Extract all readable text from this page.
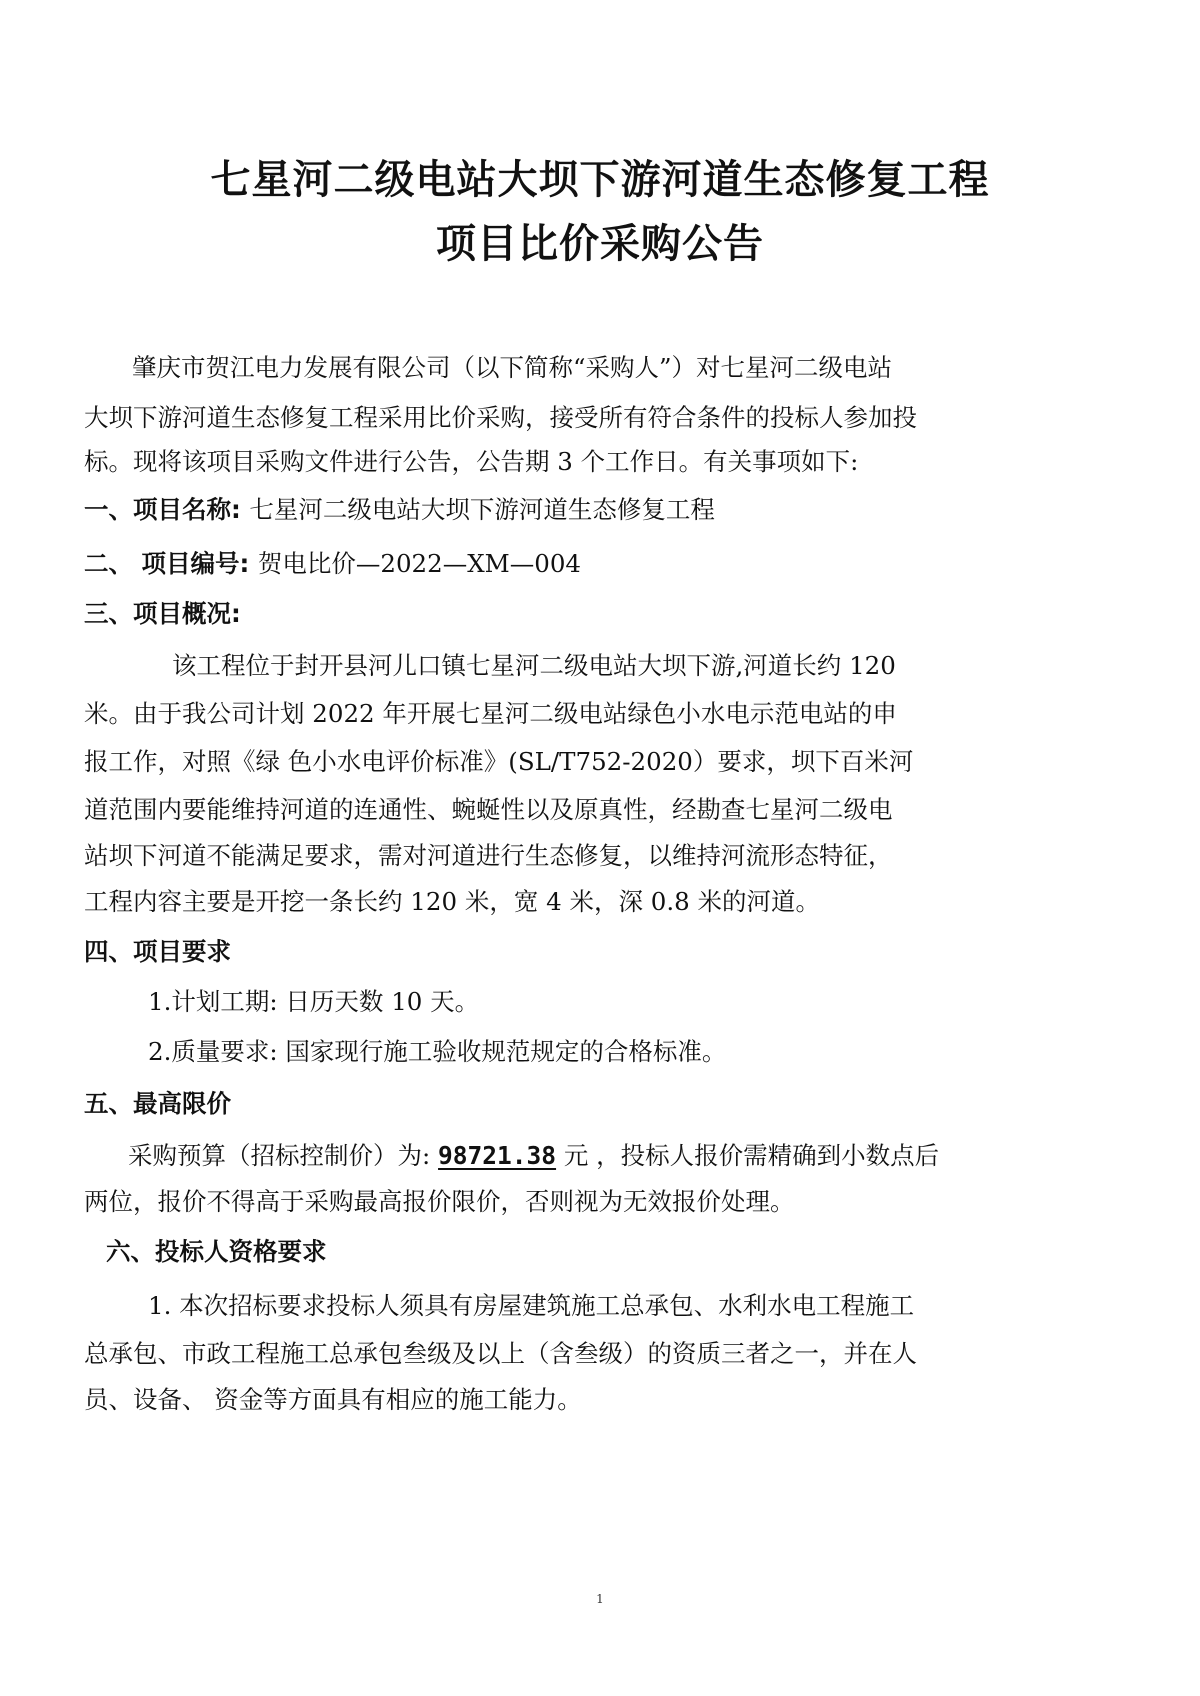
七星河二级电站大坝下游河道生态修复工程
项目比价采购公告

肇庆市贺江电力发展有限公司（以下简称“采购人”）对七星河二级电站

大坝下游河道生态修复工程采用比价采购，接受所有符合条件的投标人参加投

标。现将该项目采购文件进行公告，公告期 3 个工作日。有关事项如下:

一、项目名称: 七星河二级电站大坝下游河道生态修复工程

二、 项目编号: 贺电比价—2022—XM—004

三、项目概况:

该工程位于封开县河儿口镇七星河二级电站大坝下游,河道长约 120

米。由于我公司计划 2022 年开展七星河二级电站绿色小水电示范电站的申

报工作，对照《绿 色小水电评价标准》(SL/T752-2020）要求，坝下百米河

道范围内要能维持河道的连通性、蜿蜒性以及原真性，经勘查七星河二级电

站坝下河道不能满足要求，需对河道进行生态修复，以维持河流形态特征，

工程内容主要是开挖一条长约 120 米，宽 4 米，深 0.8 米的河道。

四、项目要求

1.计划工期: 日历天数 10 天。

2.质量要求: 国家现行施工验收规范规定的合格标准。

五、最高限价

采购预算（招标控制价）为: 98721.38 元 ，投标人报价需精确到小数点后

两位，报价不得高于采购最高报价限价，否则视为无效报价处理。

六、投标人资格要求

1. 本次招标要求投标人须具有房屋建筑施工总承包、水利水电工程施工

总承包、市政工程施工总承包叁级及以上（含叁级）的资质三者之一，并在人

员、设备、 资金等方面具有相应的施工能力。

1
